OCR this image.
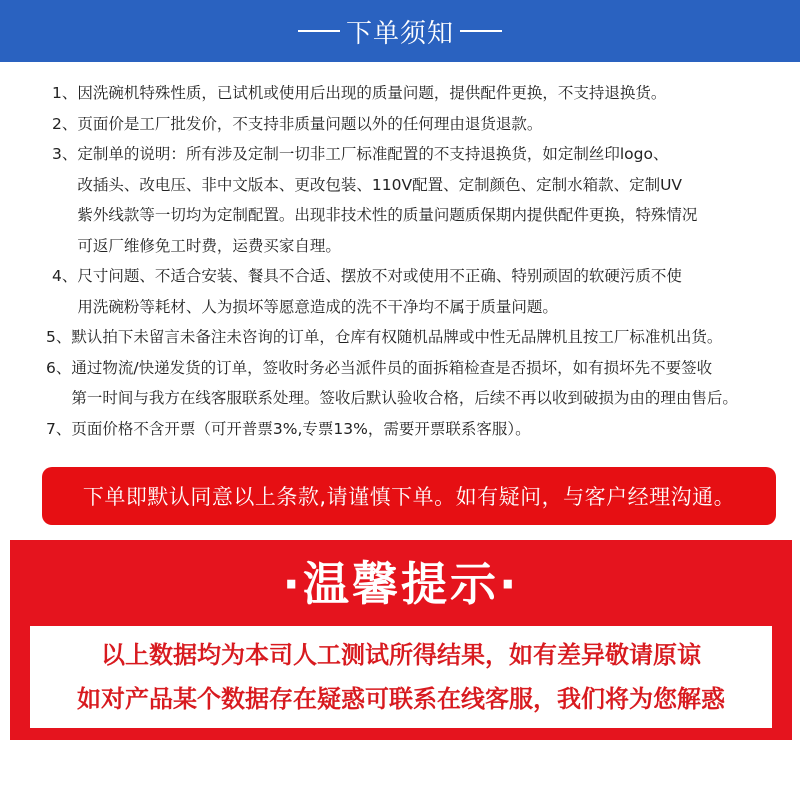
下单须知
1、 因洗碗机特殊性质，已试机或使用后出现的质量问题，提供配件更换，不支持退换货。
2、 页面价是工厂批发价，不支持非质量问题以外的任何理由退货退款。
3、 定制单的说明：所有涉及定制一切非工厂标准配置的不支持退换货，如定制丝印logo、
改插头、改电压、非中文版本、更改包装、110V配置、定制颜色、定制水箱款、定制UV
紫外线款等一切均为定制配置。出现非技术性的质量问题质保期内提供配件更换，特殊情况
可返厂维修免工时费，运费买家自理。
4、 尺寸问题、不适合安装、餐具不合适、摆放不对或使用不正确、特别顽固的软硬污质不使
用洗碗粉等耗材、人为损坏等愿意造成的洗不干净均不属于质量问题。
5、 默认拍下未留言未备注未咨询的订单，仓库有权随机品牌或中性无品牌机且按工厂标准机出货。
6、 通过物流/快递发货的订单，签收时务必当派件员的面拆箱检查是否损坏，如有损坏先不要签收
第一时间与我方在线客服联系处理。签收后默认验收合格，后续不再以收到破损为由的理由售后。
7、 页面价格不含开票（可开普票3%,专票13%，需要开票联系客服）。
下单即默认同意以上条款,请谨慎下单。如有疑问，与客户经理沟通。
·温馨提示·
以上数据均为本司人工测试所得结果，如有差异敬请原谅
如对产品某个数据存在疑惑可联系在线客服，我们将为您解惑
